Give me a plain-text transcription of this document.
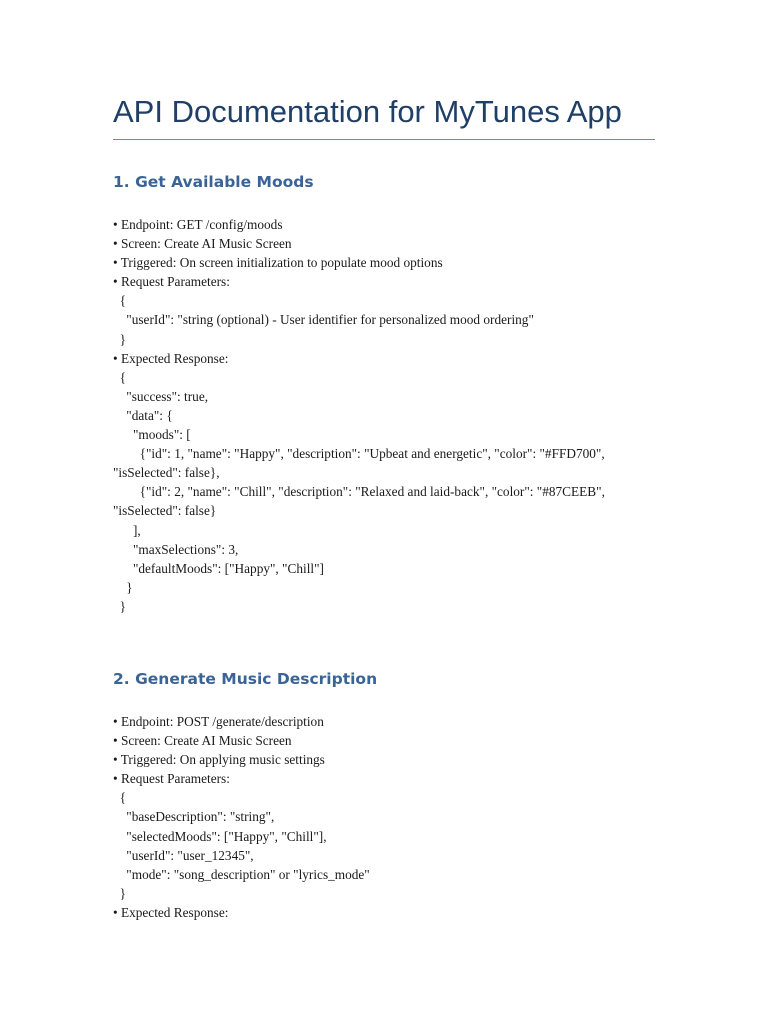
API Documentation for MyTunes App
1. Get Available Moods
• Endpoint: GET /config/moods
• Screen: Create AI Music Screen
• Triggered: On screen initialization to populate mood options
• Request Parameters:
{
"userId": "string (optional) - User identifier for personalized mood ordering"
}
• Expected Response:
{
"success": true,
"data": {
"moods": [
{"id": 1, "name": "Happy", "description": "Upbeat and energetic", "color": "#FFD700",
"isSelected": false},
{"id": 2, "name": "Chill", "description": "Relaxed and laid-back", "color": "#87CEEB",
"isSelected": false}
],
"maxSelections": 3,
"defaultMoods": ["Happy", "Chill"]
}
}
2. Generate Music Description
• Endpoint: POST /generate/description
• Screen: Create AI Music Screen
• Triggered: On applying music settings
• Request Parameters:
{
"baseDescription": "string",
"selectedMoods": ["Happy", "Chill"],
"userId": "user_12345",
"mode": "song_description" or "lyrics_mode"
}
• Expected Response:
